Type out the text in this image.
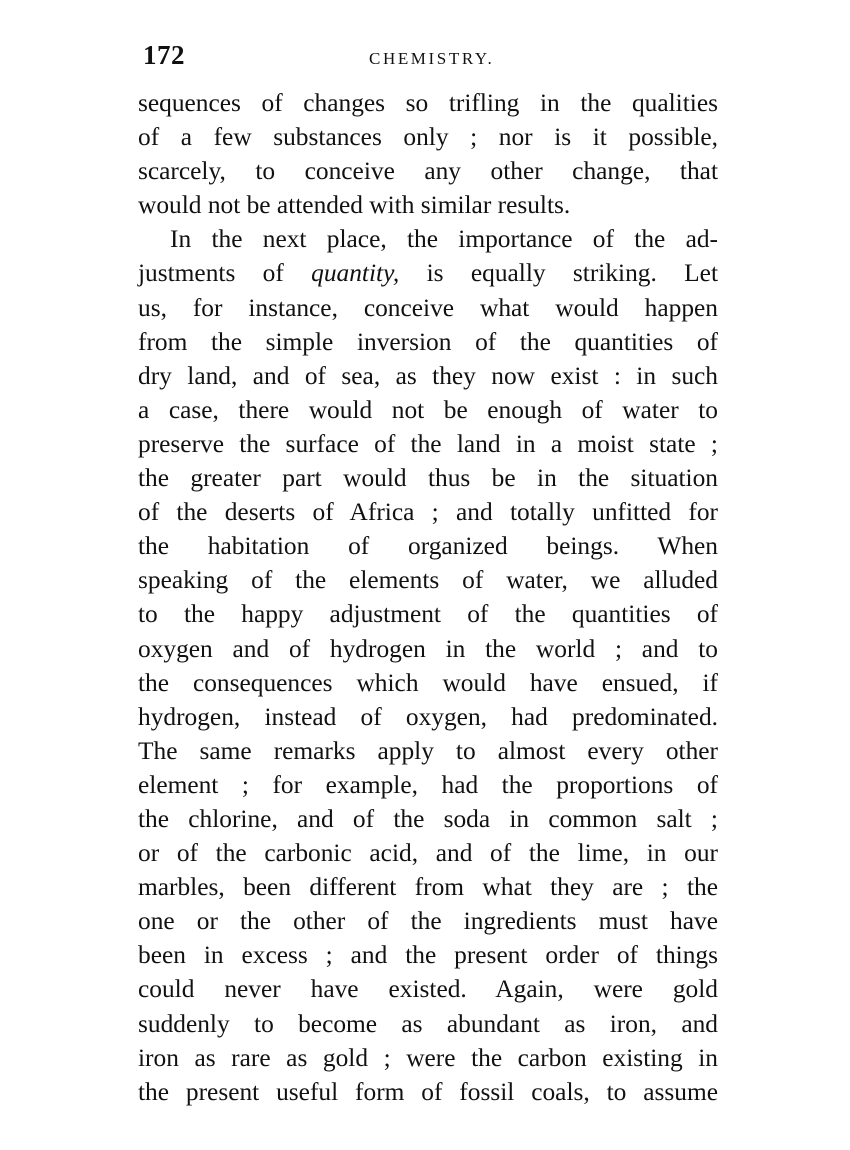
172	CHEMISTRY.
sequences of changes so trifling in the qualities
of a few substances only ; nor is it possible,
scarcely, to conceive any other change, that
would not be attended with similar results.
In the next place, the importance of the ad-
justments of quantity, is equally striking. Let
us, for instance, conceive what would happen
from the simple inversion of the quantities of
dry land, and of sea, as they now exist : in such
a case, there would not be enough of water to
preserve the surface of the land in a moist state ;
the greater part would thus be in the situation
of the deserts of Africa ; and totally unfitted for
the habitation of organized beings. When
speaking of the elements of water, we alluded
to the happy adjustment of the quantities of
oxygen and of hydrogen in the world ; and to
the consequences which would have ensued, if
hydrogen, instead of oxygen, had predominated.
The same remarks apply to almost every other
element ; for example, had the proportions of
the chlorine, and of the soda in common salt ;
or of the carbonic acid, and of the lime, in our
marbles, been different from what they are ; the
one or the other of the ingredients must have
been in excess ; and the present order of things
could never have existed. Again, were gold
suddenly to become as abundant as iron, and
iron as rare as gold ; were the carbon existing in
the present useful form of fossil coals, to assume
